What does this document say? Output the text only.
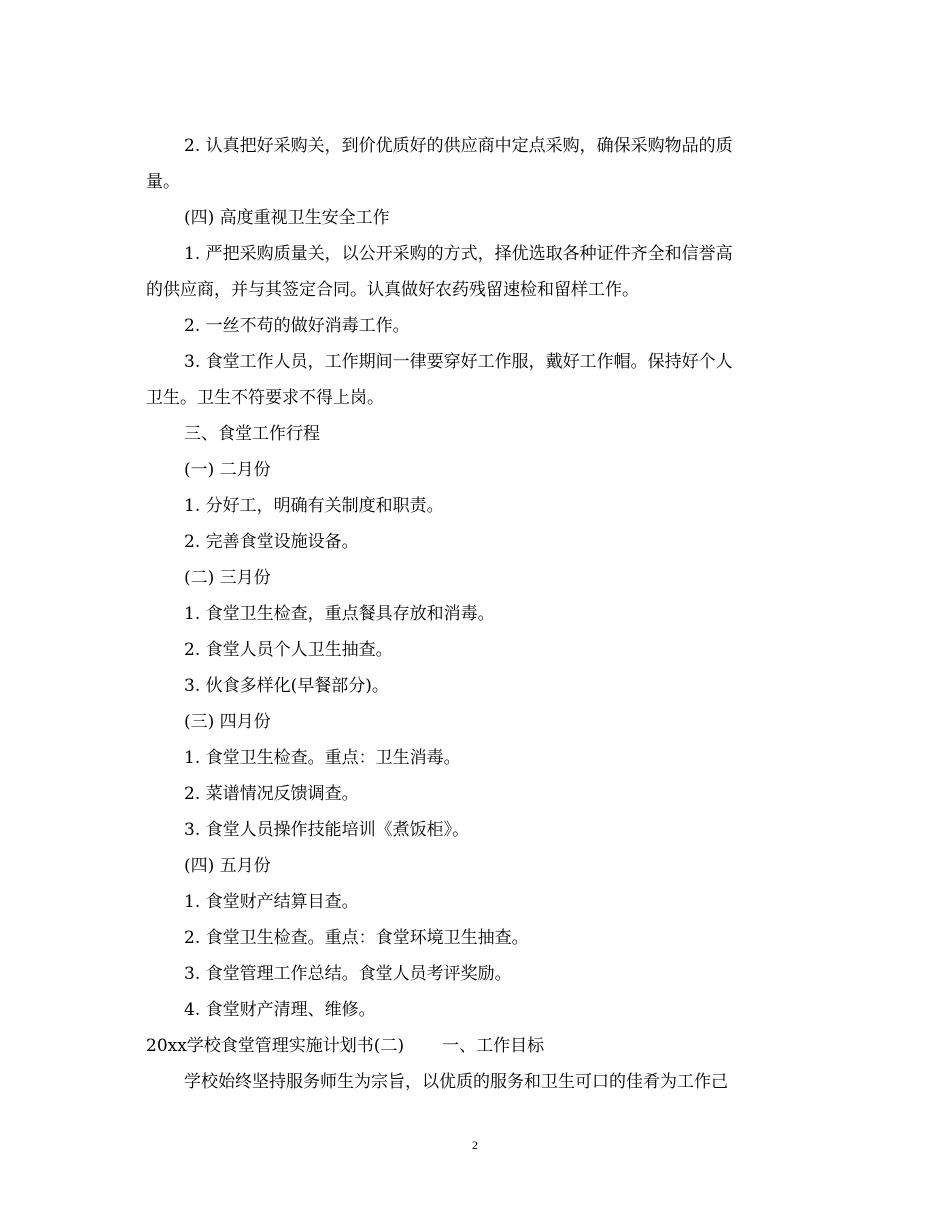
2. 认真把好采购关，到价优质好的供应商中定点采购，确保采购物品的质
量。
(四) 高度重视卫生安全工作
1. 严把采购质量关，以公开采购的方式，择优选取各种证件齐全和信誉高
的供应商，并与其签定合同。认真做好农药残留速检和留样工作。
2. 一丝不苟的做好消毒工作。
3. 食堂工作人员，工作期间一律要穿好工作服，戴好工作帽。保持好个人
卫生。卫生不符要求不得上岗。
三、食堂工作行程
(一) 二月份
1. 分好工，明确有关制度和职责。
2. 完善食堂设施设备。
(二) 三月份
1. 食堂卫生检查，重点餐具存放和消毒。
2. 食堂人员个人卫生抽查。
3. 伙食多样化(早餐部分)。
(三) 四月份
1. 食堂卫生检查。重点：卫生消毒。
2. 菜谱情况反馈调查。
3. 食堂人员操作技能培训《煮饭柜》。
(四) 五月份
1. 食堂财产结算目查。
2. 食堂卫生检查。重点：食堂环境卫生抽查。
3. 食堂管理工作总结。食堂人员考评奖励。
4. 食堂财产清理、维修。
20xx学校食堂管理实施计划书(二) 一、工作目标
学校始终坚持服务师生为宗旨，以优质的服务和卫生可口的佳肴为工作己
2
